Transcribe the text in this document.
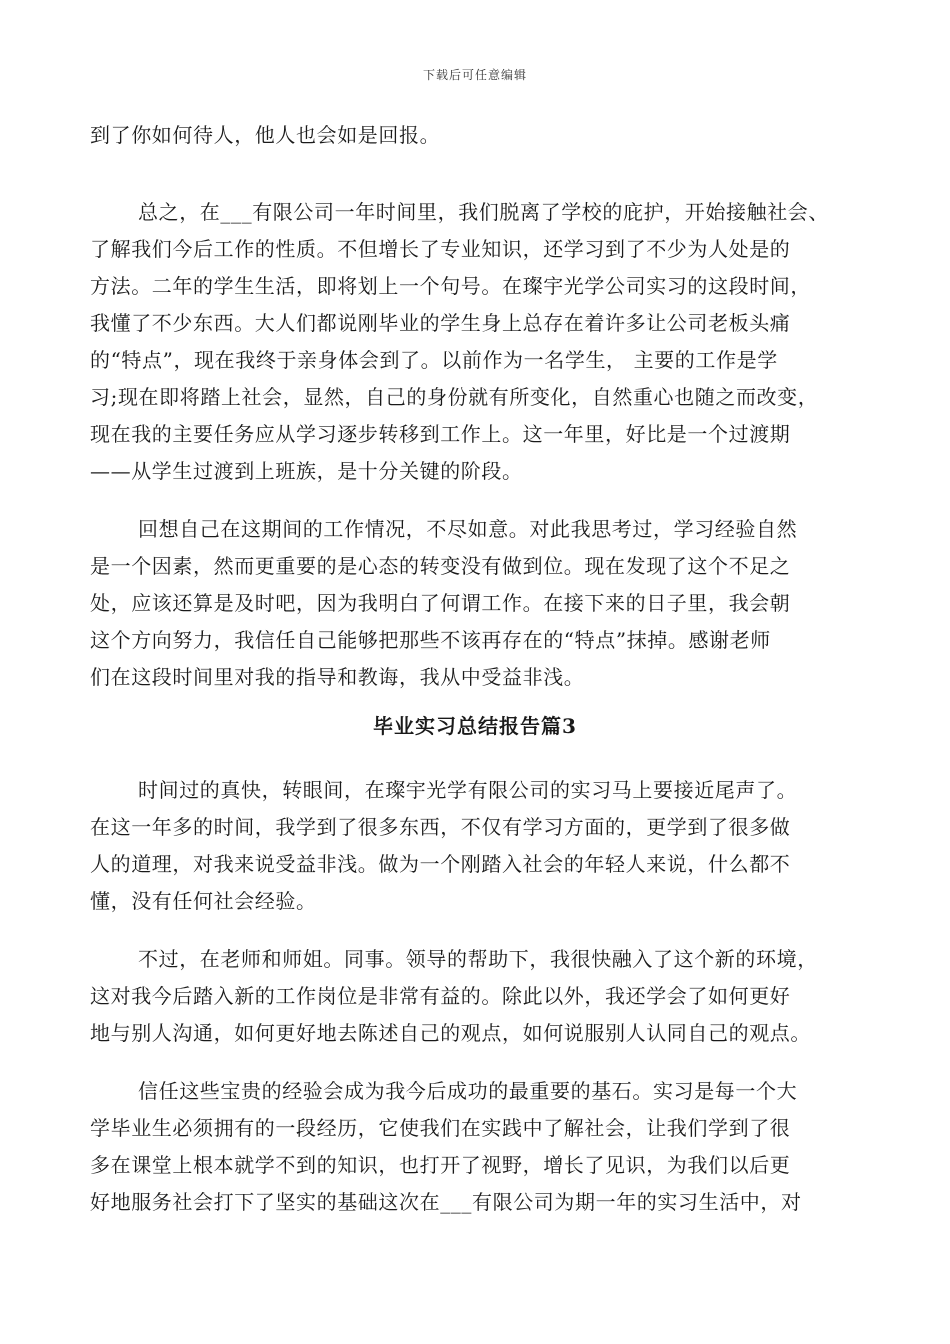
下载后可任意编辑
到了你如何待人，他人也会如是回报。
总之，在___有限公司一年时间里，我们脱离了学校的庇护，开始接触社会、
了解我们今后工作的性质。不但增长了专业知识，还学习到了不少为人处是的
方法。二年的学生生活，即将划上一个句号。在璨宇光学公司实习的这段时间，
我懂了不少东西。大人们都说刚毕业的学生身上总存在着许多让公司老板头痛
的“特点”，现在我终于亲身体会到了。以前作为一名学生， 主要的工作是学
习;现在即将踏上社会，显然，自己的身份就有所变化，自然重心也随之而改变，
现在我的主要任务应从学习逐步转移到工作上。这一年里，好比是一个过渡期
——从学生过渡到上班族，是十分关键的阶段。
回想自己在这期间的工作情况，不尽如意。对此我思考过，学习经验自然
是一个因素，然而更重要的是心态的转变没有做到位。现在发现了这个不足之
处，应该还算是及时吧，因为我明白了何谓工作。在接下来的日子里，我会朝
这个方向努力，我信任自己能够把那些不该再存在的“特点”抹掉。感谢老师
们在这段时间里对我的指导和教诲，我从中受益非浅。
毕业实习总结报告篇3
时间过的真快，转眼间，在璨宇光学有限公司的实习马上要接近尾声了。
在这一年多的时间，我学到了很多东西，不仅有学习方面的，更学到了很多做
人的道理，对我来说受益非浅。做为一个刚踏入社会的年轻人来说，什么都不
懂，没有任何社会经验。
不过，在老师和师姐。同事。领导的帮助下，我很快融入了这个新的环境，
这对我今后踏入新的工作岗位是非常有益的。除此以外，我还学会了如何更好
地与别人沟通，如何更好地去陈述自己的观点，如何说服别人认同自己的观点。
信任这些宝贵的经验会成为我今后成功的最重要的基石。实习是每一个大
学毕业生必须拥有的一段经历，它使我们在实践中了解社会，让我们学到了很
多在课堂上根本就学不到的知识，也打开了视野，增长了见识，为我们以后更
好地服务社会打下了坚实的基础这次在___有限公司为期一年的实习生活中，对
